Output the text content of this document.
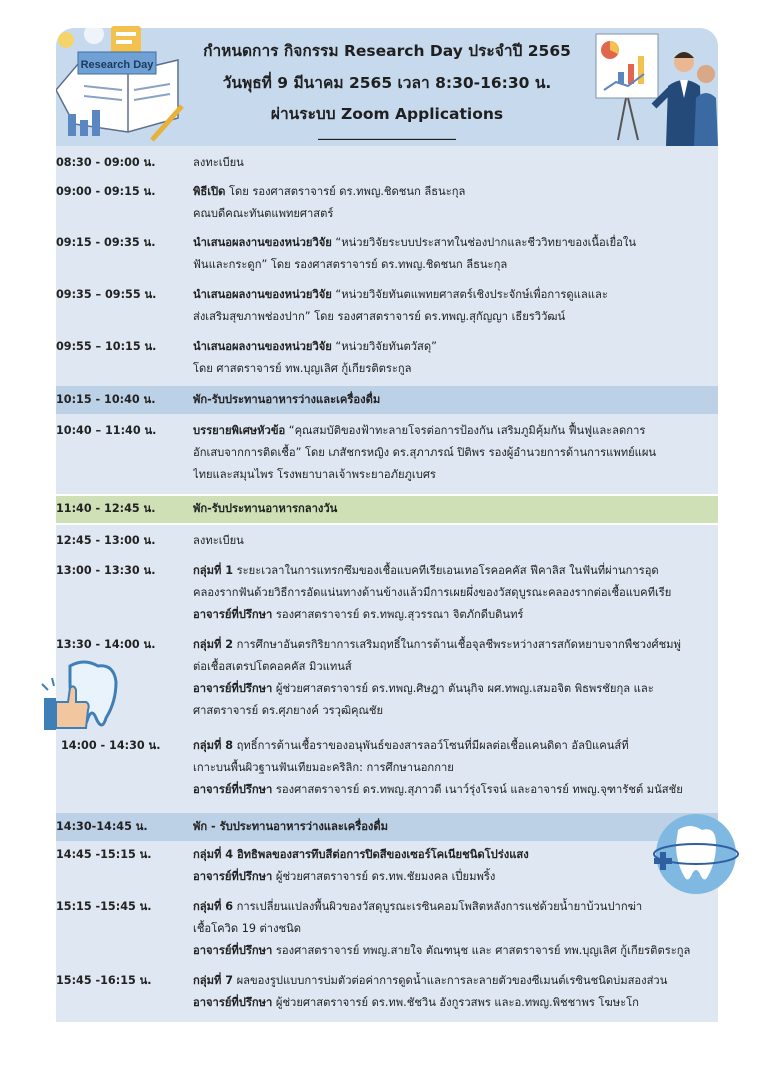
กำหนดการ กิจกรรม Research Day ประจำปี 2565
วันพุธที่ 9 มีนาคม 2565 เวลา 8:30-16:30 น.
ผ่านระบบ Zoom Applications
_______________________
Research Day
08:30 - 09:00 น.	ลงทะเบียน
09:00 - 09:15 น.	พิธีเปิด โดย รองศาสตราจารย์ ดร.ทพญ.ชิดชนก ลีธนะกุล
คณบดีคณะทันตแพทยศาสตร์
09:15 - 09:35 น.	นำเสนอผลงานของหน่วยวิจัย “หน่วยวิจัยระบบประสาทในช่องปากและชีววิทยาของเนื้อเยื่อใน
ฟันและกระดูก” โดย รองศาสตราจารย์ ดร.ทพญ.ชิดชนก ลีธนะกุล
09:35 – 09:55 น.	นำเสนอผลงานของหน่วยวิจัย “หน่วยวิจัยทันตแพทยศาสตร์เชิงประจักษ์เพื่อการดูแลและ
ส่งเสริมสุขภาพช่องปาก” โดย รองศาสตราจารย์ ดร.ทพญ.สุกัญญา เธียรวิวัฒน์
09:55 – 10:15 น.	นำเสนอผลงานของหน่วยวิจัย “หน่วยวิจัยทันตวัสดุ”
โดย ศาสตราจารย์ ทพ.บุญเลิศ กู้เกียรติตระกูล
10:15 - 10:40 น.	พัก-รับประทานอาหารว่างและเครื่องดื่ม
10:40 – 11:40 น.	บรรยายพิเศษหัวข้อ “คุณสมบัติของฟ้าทะลายโจรต่อการป้องกัน เสริมภูมิคุ้มกัน ฟื้นฟูและลดการ
อักเสบจากการติดเชื้อ” โดย เภสัชกรหญิง ดร.สุภาภรณ์ ปิติพร รองผู้อำนวยการด้านการแพทย์แผน
ไทยและสมุนไพร โรงพยาบาลเจ้าพระยาอภัยภูเบศร
11:40 - 12:45 น.	พัก-รับประทานอาหารกลางวัน
12:45 - 13:00 น.	ลงทะเบียน
13:00 - 13:30 น.	กลุ่มที่ 1 ระยะเวลาในการแทรกซึมของเชื้อแบคทีเรียเอนเทอโรคอคคัส ฟีคาลิส ในฟันที่ผ่านการอุด
คลองรากฟันด้วยวิธีการอัดแน่นทางด้านข้างแล้วมีการเผยผึ่งของวัสดุบูรณะคลองรากต่อเชื้อแบคทีเรีย
อาจารย์ที่ปรึกษา รองศาสตราจารย์ ดร.ทพญ.สุวรรณา จิตภักดีบดินทร์
13:30 - 14:00 น.	กลุ่มที่ 2 การศึกษาอันตรกิริยาการเสริมฤทธิ์ในการต้านเชื้อจุลชีพระหว่างสารสกัดหยาบจากพืชวงศ์ชมพู่
ต่อเชื้อสเตรปโตคอคคัส มิวแทนส์
อาจารย์ที่ปรึกษา ผู้ช่วยศาสตราจารย์ ดร.ทพญ.ศิษฎา ตันนุกิจ ผศ.ทพญ.เสมอจิต พิธพรชัยกุล และ
ศาสตราจารย์ ดร.ศุภยางค์ วรวุฒิคุณชัย
14:00 - 14:30 น.	กลุ่มที่ 8 ฤทธิ์การต้านเชื้อราของอนุพันธ์ของสารลอว์โซนที่มีผลต่อเชื้อแคนดิดา อัลบิแคนส์ที่
เกาะบนพื้นผิวฐานฟันเทียมอะคริลิก: การศึกษานอกกาย
อาจารย์ที่ปรึกษา รองศาสตราจารย์ ดร.ทพญ.สุภาวดี เนาว์รุ่งโรจน์ และอาจารย์ ทพญ.จุฑารัชต์ มนัสชัย
14:30-14:45 น.	พัก - รับประทานอาหารว่างและเครื่องดื่ม
14:45 -15:15 น.	กลุ่มที่ 4 อิทธิพลของสารทึบสีต่อการปิดสีของเซอร์โคเนียชนิดโปร่งแสง
อาจารย์ที่ปรึกษา ผู้ช่วยศาสตราจารย์ ดร.ทพ.ชัยมงคล เปี่ยมพริ้ง
15:15 -15:45 น.	กลุ่มที่ 6 การเปลี่ยนแปลงพื้นผิวของวัสดุบูรณะเรซินคอมโพสิตหลังการแช่ด้วยน้ำยาบ้วนปากฆ่า
เชื้อโควิด 19 ต่างชนิด
อาจารย์ที่ปรึกษา รองศาสตราจารย์ ทพญ.สายใจ ตัณฑนุช และ ศาสตราจารย์ ทพ.บุญเลิศ กู้เกียรติตระกูล
15:45 -16:15 น.	กลุ่มที่ 7 ผลของรูปแบบการบ่มตัวต่อค่าการดูดน้ำและการละลายตัวของซีเมนต์เรซินชนิดบ่มสองส่วน
อาจารย์ที่ปรึกษา ผู้ช่วยศาสตราจารย์ ดร.ทพ.ชัชวิน อังกูรวสพร และอ.ทพญ.พิชชาพร โฆษะโก
